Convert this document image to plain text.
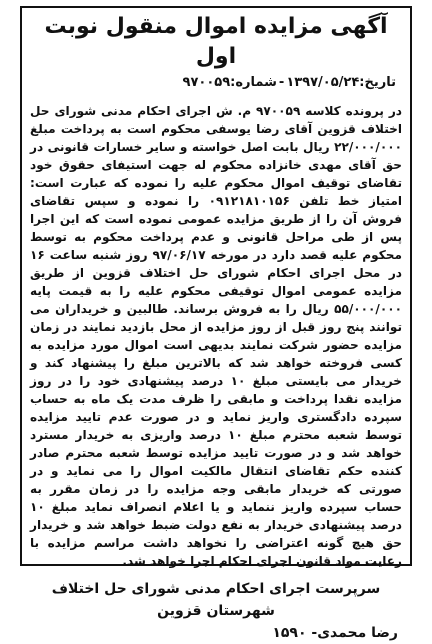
آگهی مزایده اموال منقول نوبت اول
تاریخ:۱۳۹۷/۰۵/۲۴-شماره:۹۷۰۰۵۹

در پرونده کلاسه ۹۷۰۰۵۹ م. ش اجرای احکام مدنی شورای حل اختلاف قزوین آقای رضا یوسفی محکوم است به پرداخت مبلغ ۲۲/۰۰۰/۰۰۰ ریال بابت اصل خواسته و سایر خسارات قانونی در حق آقای مهدی خانزاده محکوم له جهت استیفای حقوق خود تقاضای توقیف اموال محکوم علیه را نموده که عبارت است: امتیاز خط تلفن ۰۹۱۲۱۸۱۰۱۵۶ را نموده و سپس تقاضای فروش آن را از طریق مزایده عمومی نموده است که این اجرا پس از طی مراحل قانونی و عدم پرداخت محکوم به توسط محکوم علیه قصد دارد در مورخه ۹۷/۰۶/۱۷ روز شنبه ساعت ۱۶ در محل اجرای احکام شورای حل اختلاف قزوین از طریق مزایده عمومی اموال توقیفی محکوم علیه را به قیمت پایه ۵۵/۰۰۰/۰۰۰ ریال را به فروش برساند. طالبین و خریداران می توانند پنج روز قبل از روز مزایده از محل بازدید نمایند در زمان مزایده حضور شرکت نمایند بدیهی است اموال مورد مزایده به کسی فروخته خواهد شد که بالاترین مبلغ را پیشنهاد کند و خریدار می بایستی مبلغ ۱۰ درصد پیشنهادی خود را در روز مزایده نقدا پرداخت و مابقی را ظرف مدت یک ماه به حساب سپرده دادگستری واریز نماید و در صورت عدم تایید مزایده توسط شعبه محترم مبلغ ۱۰ درصد واریزی به خریدار مسترد خواهد شد و در صورت تایید مزایده توسط شعبه محترم صادر کننده حکم تقاضای انتقال مالکیت اموال را می نماید و در صورتی که خریدار مابقی وجه مزایده را در زمان مقرر به حساب سپرده واریز ننماید و یا اعلام انصراف نماید مبلغ ۱۰ درصد پیشنهادی خریدار به نفع دولت ضبط خواهد شد و خریدار حق هیچ گونه اعتراضی را نخواهد داشت مراسم مزایده با رعایت مواد قانون اجرای احکام اجرا خواهد شد.

سرپرست اجرای احکام مدنی شورای حل اختلاف شهرستان قزوین
رضا محمدی- ۱۵۹۰
